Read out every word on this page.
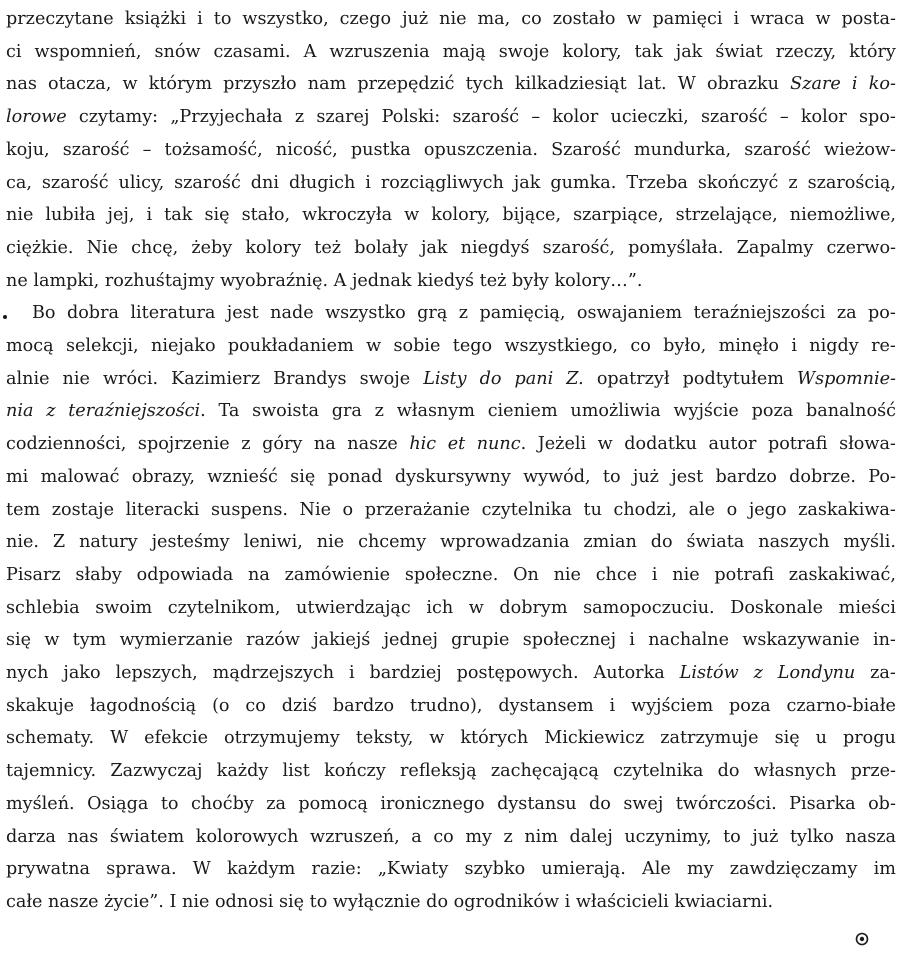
przeczytane książki i to wszystko, czego już nie ma, co zostało w pamięci i wraca w posta-
ci wspomnień, snów czasami. A wzruszenia mają swoje kolory, tak jak świat rzeczy, który
nas otacza, w którym przyszło nam przepędzić tych kilkadziesiąt lat. W obrazku Szare i ko-
lorowe czytamy: „Przyjechała z szarej Polski: szarość – kolor ucieczki, szarość – kolor spo-
koju, szarość – tożsamość, nicość, pustka opuszczenia. Szarość mundurka, szarość wieżow-
ca, szarość ulicy, szarość dni długich i rozciągliwych jak gumka. Trzeba skończyć z szarością,
nie lubiła jej, i tak się stało, wkroczyła w kolory, bijące, szarpiące, strzelające, niemożliwe,
ciężkie. Nie chcę, żeby kolory też bolały jak niegdyś szarość, pomyślała. Zapalmy czerwo-
ne lampki, rozhuśtajmy wyobraźnię. A jednak kiedyś też były kolory…”.
Bo dobra literatura jest nade wszystko grą z pamięcią, oswajaniem teraźniejszości za po-
mocą selekcji, niejako poukładaniem w sobie tego wszystkiego, co było, minęło i nigdy re-
alnie nie wróci. Kazimierz Brandys swoje Listy do pani Z. opatrzył podtytułem Wspomnie-
nia z teraźniejszości. Ta swoista gra z własnym cieniem umożliwia wyjście poza banalność
codzienności, spojrzenie z góry na nasze hic et nunc. Jeżeli w dodatku autor potrafi słowa-
mi malować obrazy, wznieść się ponad dyskursywny wywód, to już jest bardzo dobrze. Po-
tem zostaje literacki suspens. Nie o przerażanie czytelnika tu chodzi, ale o jego zaskakiwa-
nie. Z natury jesteśmy leniwi, nie chcemy wprowadzania zmian do świata naszych myśli.
Pisarz słaby odpowiada na zamówienie społeczne. On nie chce i nie potrafi zaskakiwać,
schlebia swoim czytelnikom, utwierdzając ich w dobrym samopoczuciu. Doskonale mieści
się w tym wymierzanie razów jakiejś jednej grupie społecznej i nachalne wskazywanie in-
nych jako lepszych, mądrzejszych i bardziej postępowych. Autorka Listów z Londynu za-
skakuje łagodnością (o co dziś bardzo trudno), dystansem i wyjściem poza czarno-białe
schematy. W efekcie otrzymujemy teksty, w których Mickiewicz zatrzymuje się u progu
tajemnicy. Zazwyczaj każdy list kończy refleksją zachęcającą czytelnika do własnych prze-
myśleń. Osiąga to choćby za pomocą ironicznego dystansu do swej twórczości. Pisarka ob-
darza nas światem kolorowych wzruszeń, a co my z nim dalej uczynimy, to już tylko nasza
prywatna sprawa. W każdym razie: „Kwiaty szybko umierają. Ale my zawdzięczamy im
całe nasze życie”. I nie odnosi się to wyłącznie do ogrodników i właścicieli kwiaciarni.
